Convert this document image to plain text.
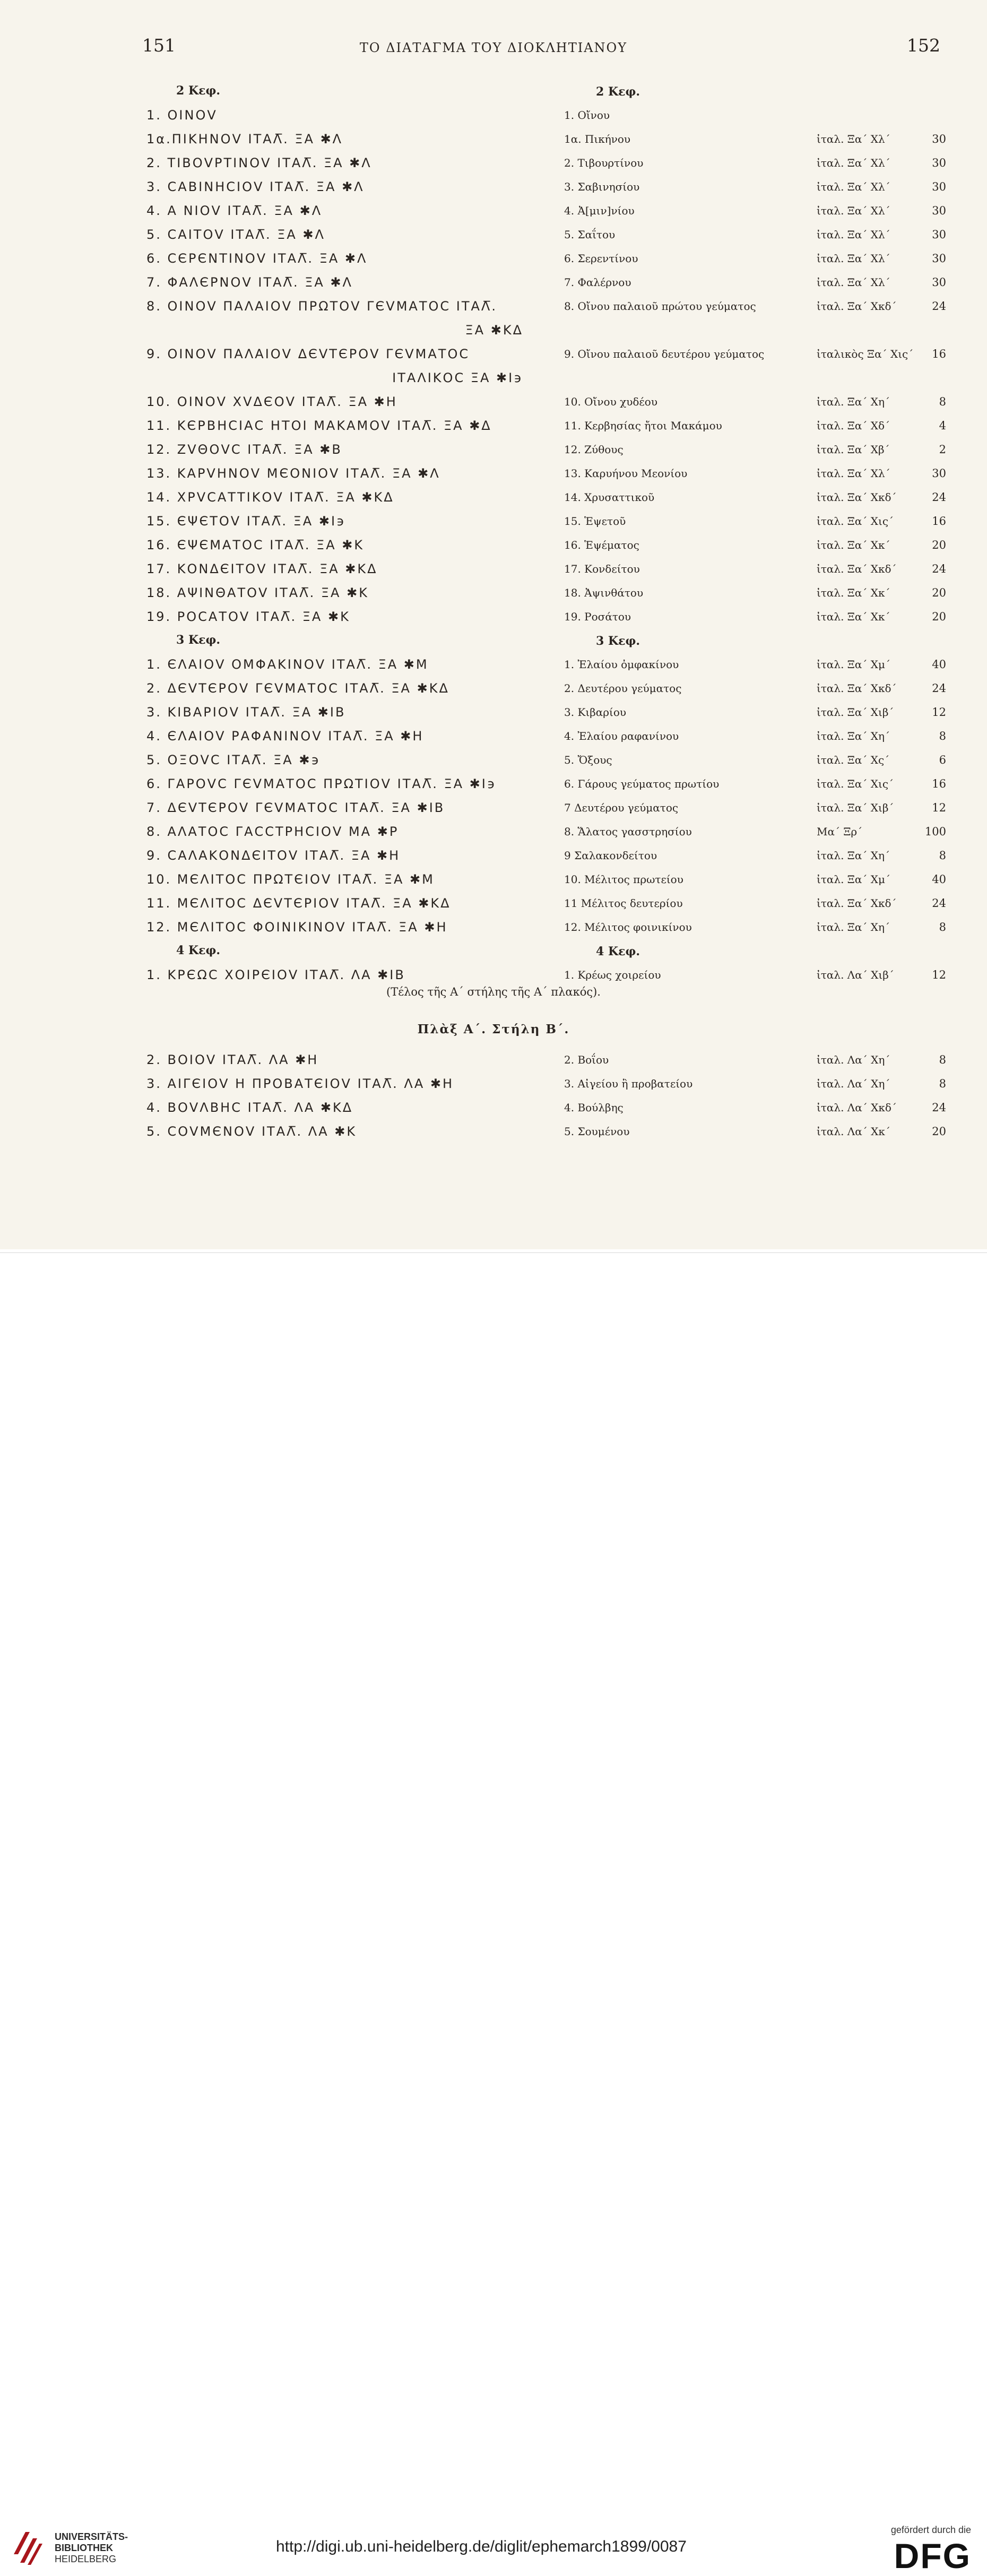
151	ΤΟ ΔΙΑΤΑΓΜΑ ΤΟΥ ΔΙΟΚΛΗΤΙΑΝΟΥ	152
2 Κεφ.
1. ΟΙΝΟV
1α.ΠΙΚΗΝΟV ΙΤΑΛ̅. ΞΑ ✱Λ
2. ΤΙΒΟVΡΤΙΝΟV ΙΤΑΛ̅. ΞΑ ✱Λ
3. CΑΒΙΝΗCΙΟV ΙΤΑΛ̅. ΞΑ ✱Λ
4. Α ΝΙΟV ΙΤΑΛ̅. ΞΑ ✱Λ
5. CΑΙΤΟV ΙΤΑΛ̅. ΞΑ ✱Λ
6. CЄΡЄΝΤΙΝΟV ΙΤΑΛ̅. ΞΑ ✱Λ
7. ΦΑΛЄΡΝΟV ΙΤΑΛ̅. ΞΑ ✱Λ
8. ΟΙΝΟV ΠΑΛΑΙΟV ΠΡΩΤΟV ΓЄVΜΑΤΟC ΙΤΑΛ̅.
ΞΑ ✱ΚΔ
9. ΟΙΝΟV ΠΑΛΑΙΟV ΔЄVΤЄΡΟV ΓЄVΜΑΤΟC
ΙΤΑΛΙΚΟC ΞΑ ✱Ι϶
10. ΟΙΝΟV ΧVΔЄΟV ΙΤΑΛ̅. ΞΑ ✱Η
11. ΚЄΡΒΗCΙΑC ΗΤΟΙ ΜΑΚΑΜΟV ΙΤΑΛ̅. ΞΑ ✱Δ
12. ΖVΘΟVC ΙΤΑΛ̅. ΞΑ ✱Β
13. ΚΑΡVΗΝΟV ΜЄΟΝΙΟV ΙΤΑΛ̅. ΞΑ ✱Λ
14. ΧΡVCΑΤΤΙΚΟV ΙΤΑΛ̅. ΞΑ ✱ΚΔ
15. ЄΨЄΤΟV ΙΤΑΛ̅. ΞΑ ✱Ι϶
16. ЄΨЄΜΑΤΟC ΙΤΑΛ̅. ΞΑ ✱Κ
17. ΚΟΝΔЄΙΤΟV ΙΤΑΛ̅. ΞΑ ✱ΚΔ
18. ΑΨΙΝΘΑΤΟV ΙΤΑΛ̅. ΞΑ ✱Κ
19. ΡΟCΑΤΟV ΙΤΑΛ̅. ΞΑ ✱Κ
3 Κεφ.
1. ЄΛΑΙΟV ΟΜΦΑΚΙΝΟV ΙΤΑΛ̅. ΞΑ ✱Μ
2. ΔЄVΤЄΡΟV ΓЄVΜΑΤΟC ΙΤΑΛ̅. ΞΑ ✱ΚΔ
3. ΚΙΒΑΡΙΟV ΙΤΑΛ̅. ΞΑ ✱ΙΒ
4. ЄΛΑΙΟV ΡΑΦΑΝΙΝΟV ΙΤΑΛ̅. ΞΑ ✱Η
5. ΟΞΟVC ΙΤΑΛ̅. ΞΑ ✱϶
6. ΓΑΡΟVC ΓЄVΜΑΤΟC ΠΡΩΤΙΟV ΙΤΑΛ̅. ΞΑ ✱Ι϶
7. ΔЄVΤЄΡΟV ΓЄVΜΑΤΟC ΙΤΑΛ̅. ΞΑ ✱ΙΒ
8. ΑΛΑΤΟC ΓΑCCΤΡΗCΙΟV ΜΑ ✱Ρ
9. CΑΛΑΚΟΝΔЄΙΤΟV ΙΤΑΛ̅. ΞΑ ✱Η
10. ΜЄΛΙΤΟC ΠΡΩΤЄΙΟV ΙΤΑΛ̅. ΞΑ ✱Μ
11. ΜЄΛΙΤΟC ΔЄVΤЄΡΙΟV ΙΤΑΛ̅. ΞΑ ✱ΚΔ
12. ΜЄΛΙΤΟC ΦΟΙΝΙΚΙΝΟV ΙΤΑΛ̅. ΞΑ ✱Η
4 Κεφ.
1. ΚΡЄΩC ΧΟΙΡЄΙΟV ΙΤΑΛ̅. ΛΑ ✱ΙΒ
2 Κεφ.
1. Οἴνου
1α. Πικήνου	ἰταλ. Ξα΄ Χλ΄	30
2. Τιβουρτίνου	ἰταλ. Ξα΄ Χλ΄	30
3. Σαβινησίου	ἰταλ. Ξα΄ Χλ΄	30
4. Ἀ[μιν]νίου	ἰταλ. Ξα΄ Χλ΄	30
5. Σαΐτου	ἰταλ. Ξα΄ Χλ΄	30
6. Σερεντίνου	ἰταλ. Ξα΄ Χλ΄	30
7. Φαλέρνου	ἰταλ. Ξα΄ Χλ΄	30
8. Οἴνου παλαιοῦ πρώτου γεύματος	ἰταλ. Ξα΄ Χκδ΄	24
9. Οἴνου παλαιοῦ δευτέρου γεύματος	ἰταλικὸς Ξα΄ Χις΄ 16
10. Οἴνου χυδέου	ἰταλ. Ξα΄ Χη΄	8
11. Κερβησίας ἤτοι Μακάμου	ἰταλ. Ξα΄ Χδ΄	4
12. Ζύθους	ἰταλ. Ξα΄ Χβ΄	2
13. Καρυήνου Μεονίου	ἰταλ. Ξα΄ Χλ΄	30
14. Χρυσαττικοῦ	ἰταλ. Ξα΄ Χκδ΄	24
15. Ἑψετοῦ	ἰταλ. Ξα΄ Χις΄	16
16. Ἑψέματος	ἰταλ. Ξα΄ Χκ΄	20
17. Κονδείτου	ἰταλ. Ξα΄ Χκδ΄	24
18. Ἀψινθάτου	ἰταλ. Ξα΄ Χκ΄	20
19. Ροσάτου	ἰταλ. Ξα΄ Χκ΄	20
3 Κεφ.
1. Ἐλαίου ὀμφακίνου	ἰταλ. Ξα΄ Χμ΄	40
2. Δευτέρου γεύματος	ἰταλ. Ξα΄ Χκδ΄	24
3. Κιβαρίου	ἰταλ. Ξα΄ Χιβ΄	12
4. Ἐλαίου ραφανίνου	ἰταλ. Ξα΄ Χη΄	8
5. Ὄξους	ἰταλ. Ξα΄ Χς΄	6
6. Γάρους γεύματος πρωτίου	ἰταλ. Ξα΄ Χις΄	16
7 Δευτέρου γεύματος	ἰταλ. Ξα΄ Χιβ΄	12
8. Ἅλατος γασστρησίου	Μα΄ Ξρ΄	100
9 Σαλακονδείτου	ἰταλ. Ξα΄ Χη΄	8
10. Μέλιτος πρωτείου	ἰταλ. Ξα΄ Χμ΄	40
11 Μέλιτος δευτερίου	ἰταλ. Ξα΄ Χκδ΄	24
12. Μέλιτος φοινικίνου	ἰταλ. Ξα΄ Χη΄	8
4 Κεφ.
1. Κρέως χοιρείου	ἰταλ. Λα΄ Χιβ΄	12
(Τέλος τῆς Α΄ στήλης τῆς Α΄ πλακός).
Πλὰξ Α΄. Στήλη Β΄.
2. ΒΟΙΟV ΙΤΑΛ̅. ΛΑ ✱Η
3. ΑΙΓЄΙΟV Η ΠΡΟΒΑΤЄΙΟV ΙΤΑΛ̅. ΛΑ ✱Η
4. ΒΟVΛΒΗC ΙΤΑΛ̅. ΛΑ ✱ΚΔ
5. CΟVΜЄΝΟV ΙΤΑΛ̅. ΛΑ ✱Κ
2. Βοΐου	ἰταλ. Λα΄ Χη΄	8
3. Αἰγείου ἢ προβατείου	ἰταλ. Λα΄ Χη΄	8
4. Βούλβης	ἰταλ. Λα΄ Χκδ΄	24
5. Σουμένου	ἰταλ. Λα΄ Χκ΄	20
UNIVERSITÄTS-
BIBLIOTHEK
HEIDELBERG
http://digi.ub.uni-heidelberg.de/diglit/ephemarch1899/0087
gefördert durch die
DFG
